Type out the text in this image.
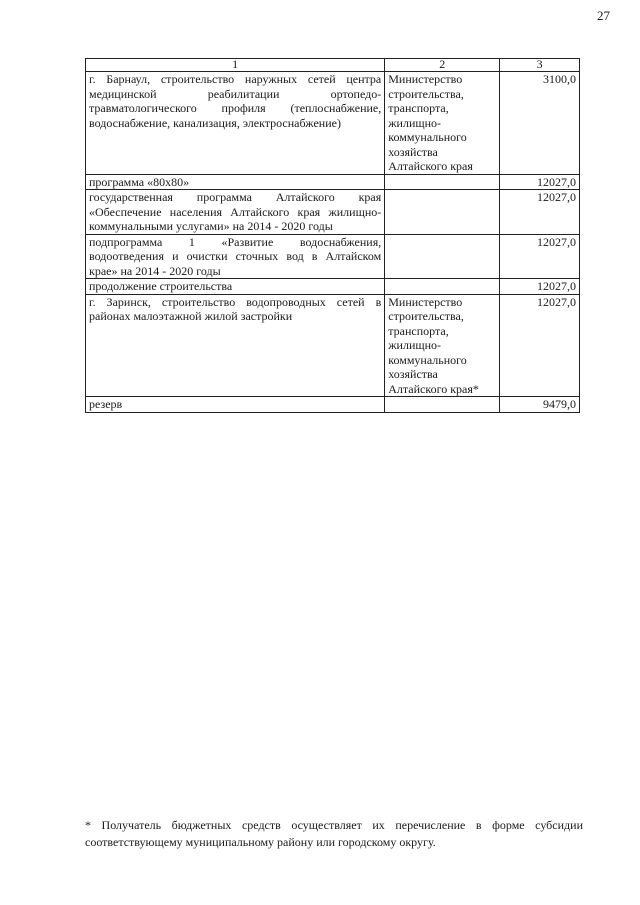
27
1	2	3
г. Барнаул, строительство наружных сетей центра медицинской реабилитации ортопедо-травматологического профиля (теплоснабжение, водоснабжение, канализация, электроснабжение)	Министерство строительства, транспорта, жилищно-коммунального хозяйства Алтайского края	3100,0
программа «80х80»		12027,0
государственная программа Алтайского края «Обеспечение населения Алтайского края жилищно-коммунальными услугами» на 2014 - 2020 годы		12027,0
подпрограмма 1 «Развитие водоснабжения, водоотведения и очистки сточных вод в Алтайском крае» на 2014 - 2020 годы		12027,0
продолжение строительства		12027,0
г. Заринск, строительство водопроводных сетей в районах малоэтажной жилой застройки	Министерство строительства, транспорта, жилищно-коммунального хозяйства Алтайского края*	12027,0
резерв		9479,0
* Получатель бюджетных средств осуществляет их перечисление в форме субсидии соответствующему муниципальному району или городскому округу.
